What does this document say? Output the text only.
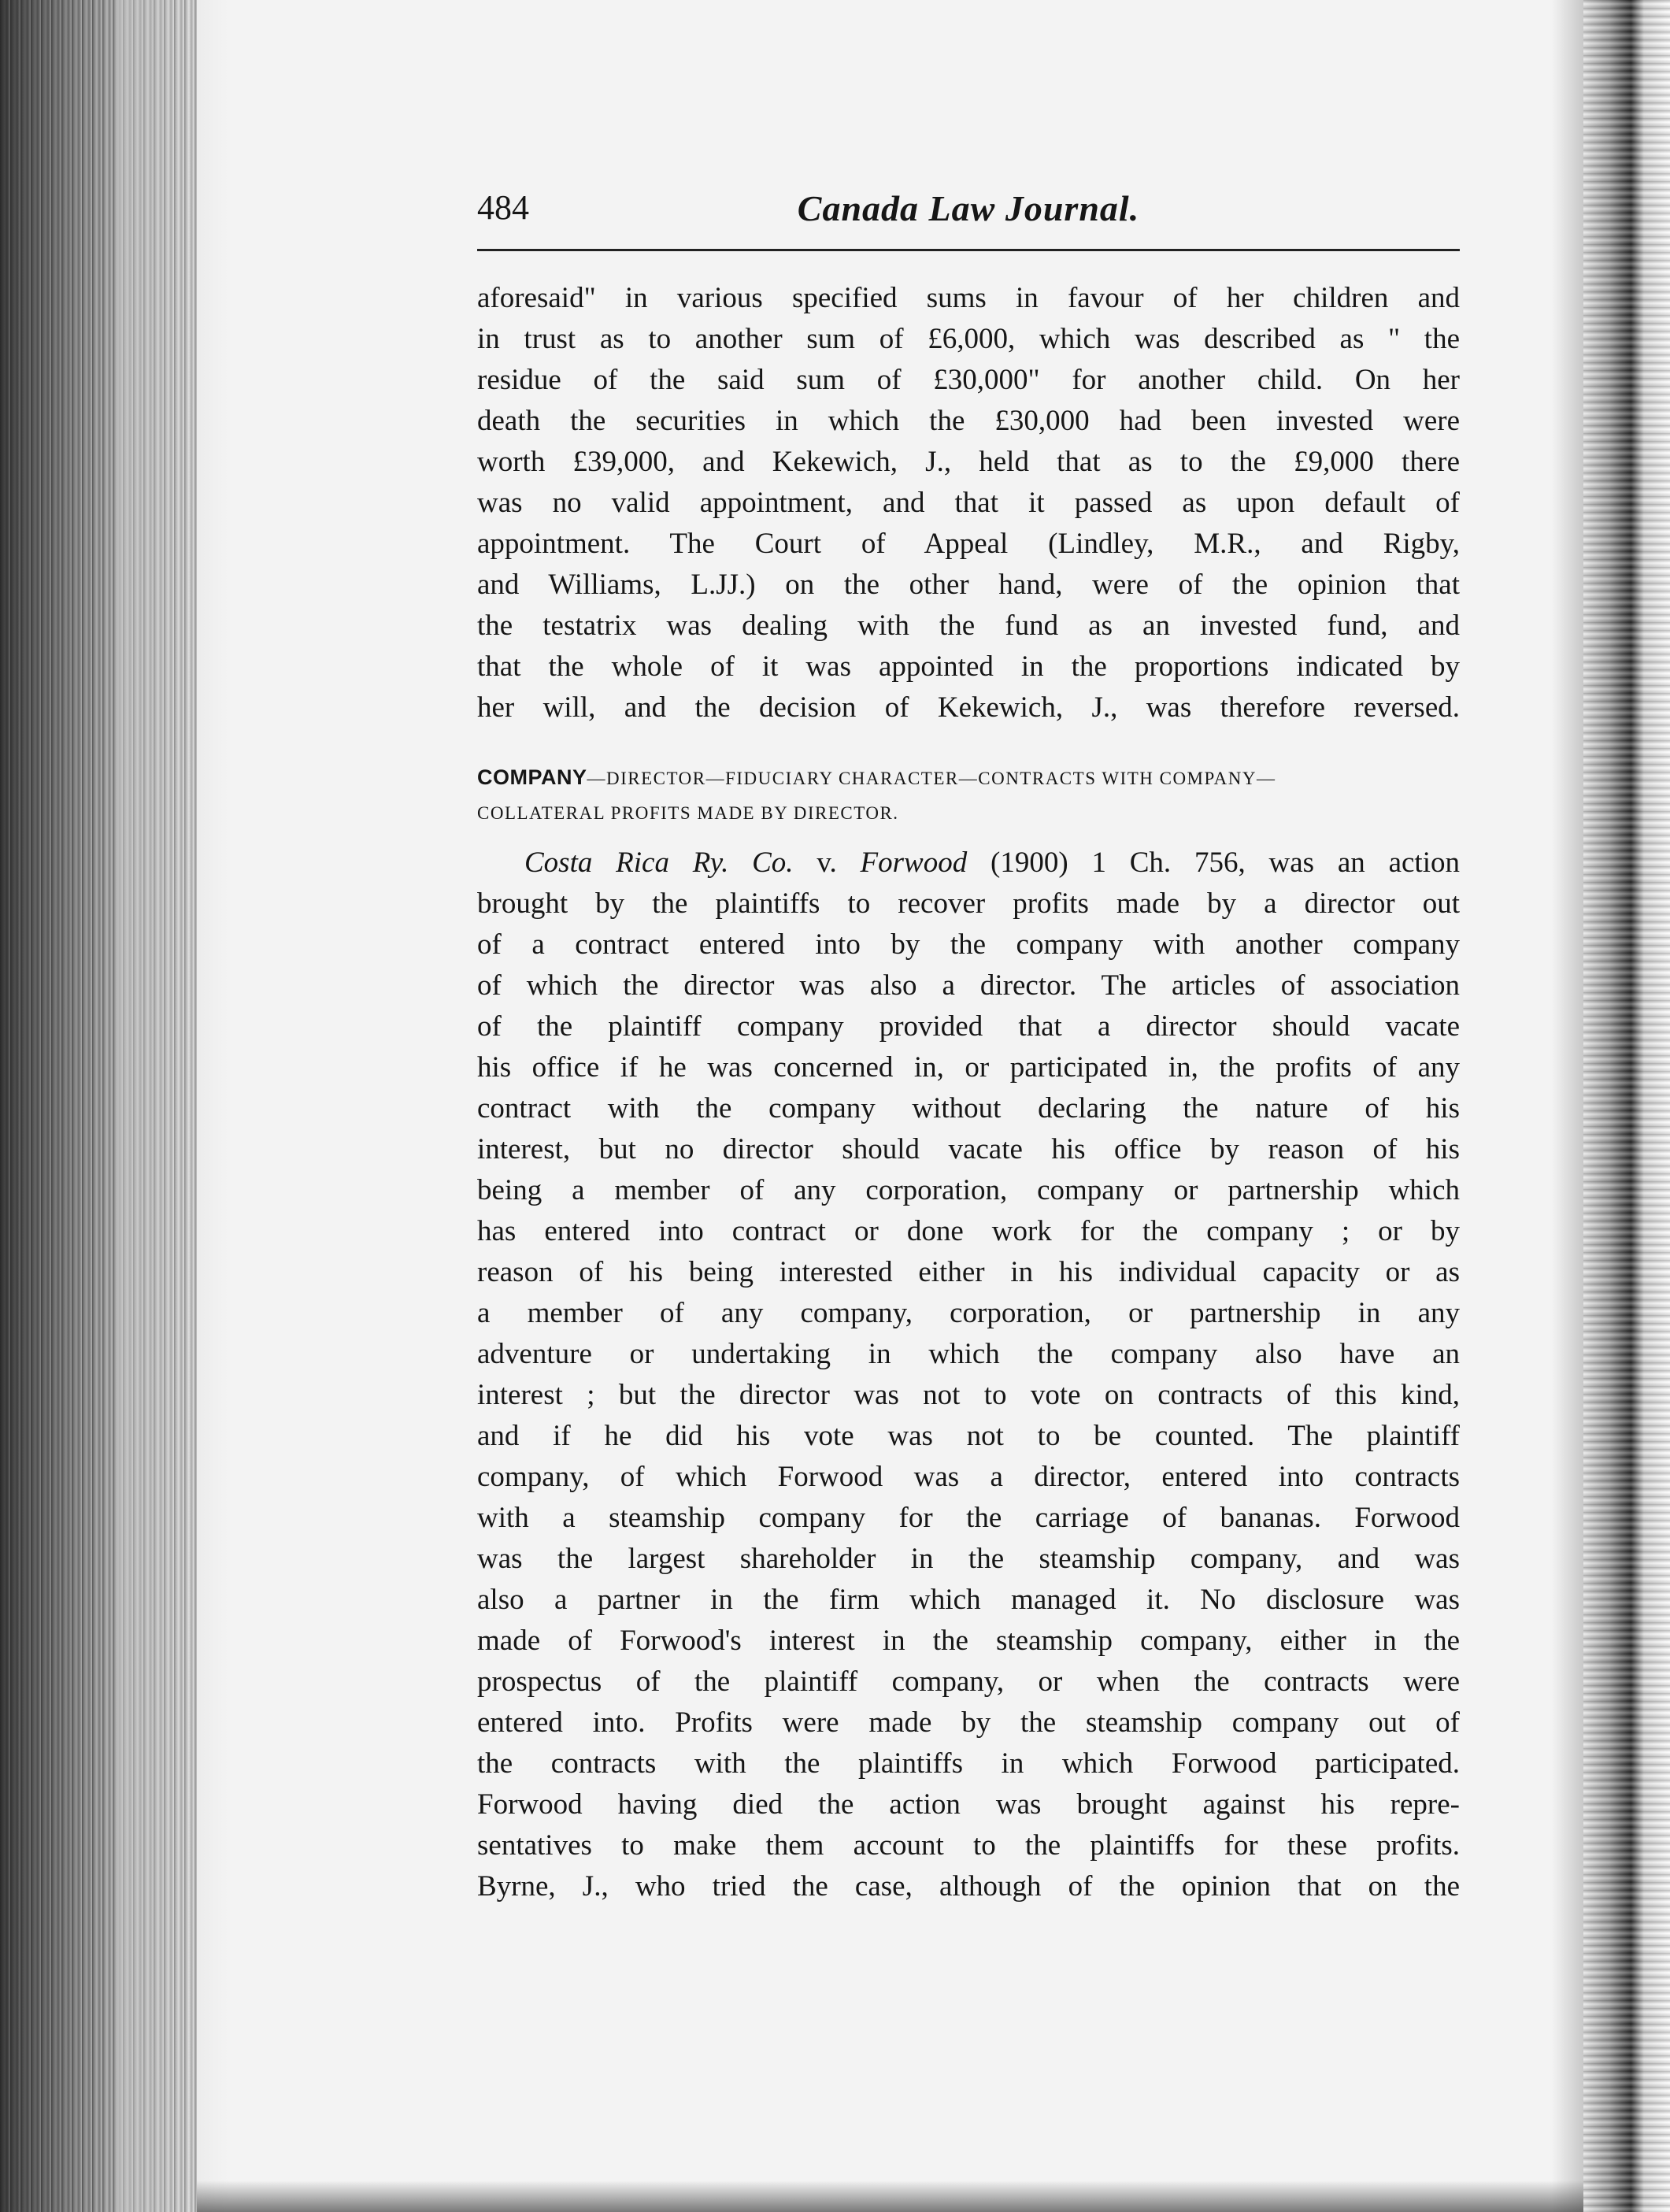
484	Canada Law Journal.
aforesaid" in various specified sums in favour of her children and
in trust as to another sum of £6,000, which was described as " the
residue of the said sum of £30,000" for another child. On her
death the securities in which the £30,000 had been invested were
worth £39,000, and Kekewich, J., held that as to the £9,000 there
was no valid appointment, and that it passed as upon default of
appointment. The Court of Appeal (Lindley, M.R., and Rigby,
and Williams, L.JJ.) on the other hand, were of the opinion that
the testatrix was dealing with the fund as an invested fund, and
that the whole of it was appointed in the proportions indicated by
her will, and the decision of Kekewich, J., was therefore reversed.
COMPANY—DIRECTOR—FIDUCIARY CHARACTER—CONTRACTS WITH COMPANY—
COLLATERAL PROFITS MADE BY DIRECTOR.
Costa Rica Ry. Co. v. Forwood (1900) 1 Ch. 756, was an action
brought by the plaintiffs to recover profits made by a director out
of a contract entered into by the company with another company
of which the director was also a director. The articles of association
of the plaintiff company provided that a director should vacate
his office if he was concerned in, or participated in, the profits of any
contract with the company without declaring the nature of his
interest, but no director should vacate his office by reason of his
being a member of any corporation, company or partnership which
has entered into contract or done work for the company ; or by
reason of his being interested either in his individual capacity or as
a member of any company, corporation, or partnership in any
adventure or undertaking in which the company also have an
interest ; but the director was not to vote on contracts of this kind,
and if he did his vote was not to be counted. The plaintiff
company, of which Forwood was a director, entered into contracts
with a steamship company for the carriage of bananas. Forwood
was the largest shareholder in the steamship company, and was
also a partner in the firm which managed it. No disclosure was
made of Forwood's interest in the steamship company, either in the
prospectus of the plaintiff company, or when the contracts were
entered into. Profits were made by the steamship company out of
the contracts with the plaintiffs in which Forwood participated.
Forwood having died the action was brought against his repre-
sentatives to make them account to the plaintiffs for these profits.
Byrne, J., who tried the case, although of the opinion that on the
